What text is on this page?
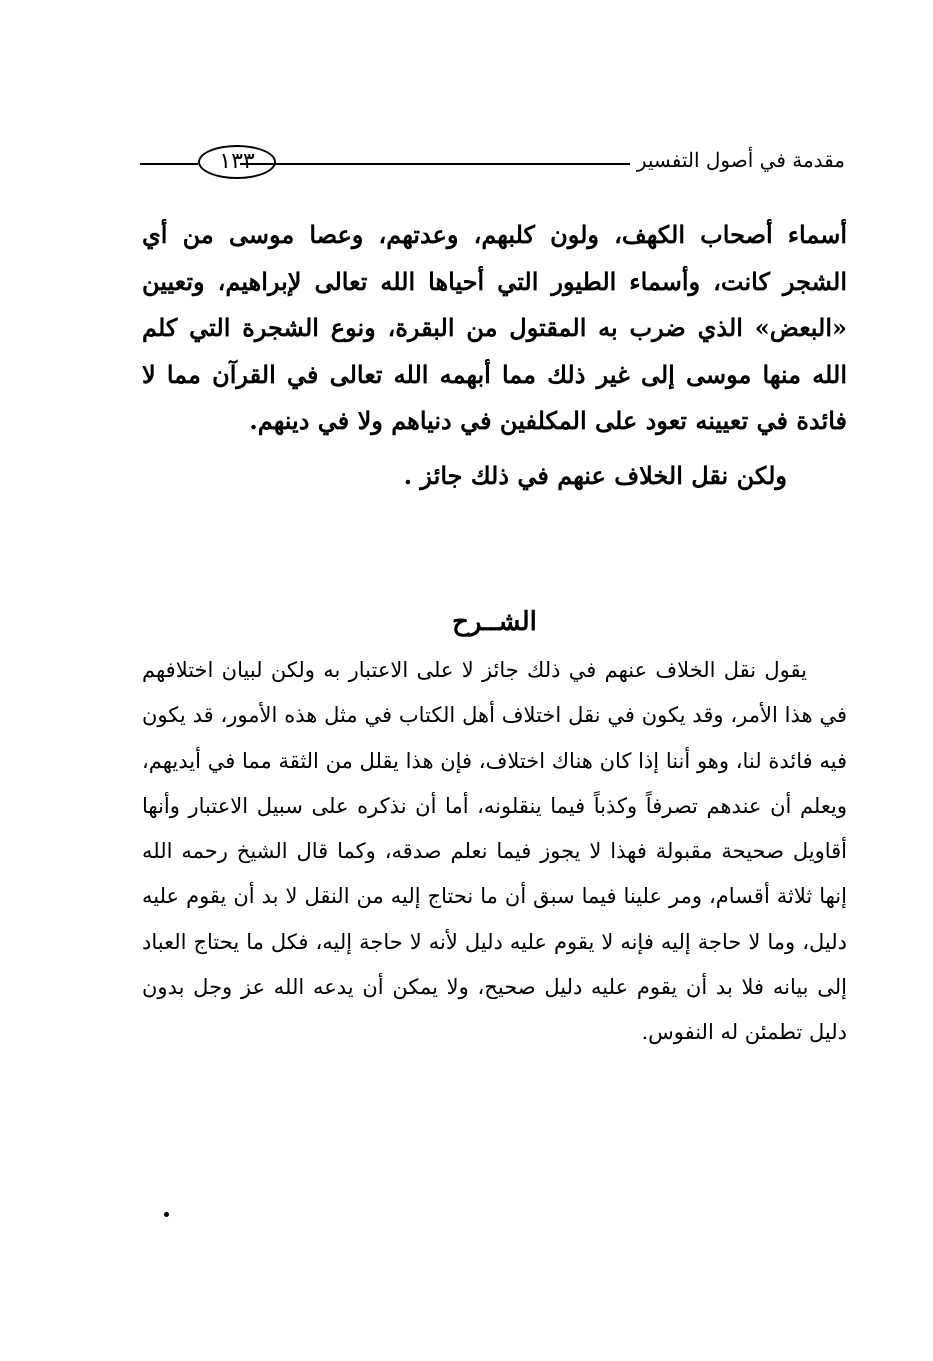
مقدمة في أصول التفسير
١٣٣

أسماء أصحاب الكهف، ولون كلبهم، وعدتهم، وعصا موسى من أي الشجر كانت، وأسماء الطيور التي أحياها الله تعالى لإبراهيم، وتعيين «البعض» الذي ضرب به المقتول من البقرة، ونوع الشجرة التي كلم الله منها موسى إلى غير ذلك مما أبهمه الله تعالى في القرآن مما لا فائدة في تعيينه تعود على المكلفين في دنياهم ولا في دينهم.

ولكن نقل الخلاف عنهم في ذلك جائز .

الشــرح

يقول نقل الخلاف عنهم في ذلك جائز لا على الاعتبار به ولكن لبيان اختلافهم في هذا الأمر، وقد يكون في نقل اختلاف أهل الكتاب في مثل هذه الأمور، قد يكون فيه فائدة لنا، وهو أننا إذا كان هناك اختلاف، فإن هذا يقلل من الثقة مما في أيديهم، ويعلم أن عندهم تصرفاً وكذباً فيما ينقلونه، أما أن نذكره على سبيل الاعتبار وأنها أقاويل صحيحة مقبولة فهذا لا يجوز فيما نعلم صدقه، وكما قال الشيخ رحمه الله إنها ثلاثة أقسام، ومر علينا فيما سبق أن ما نحتاج إليه من النقل لا بد أن يقوم عليه دليل، وما لا حاجة إليه فإنه لا يقوم عليه دليل لأنه لا حاجة إليه، فكل ما يحتاج العباد إلى بيانه فلا بد أن يقوم عليه دليل صحيح، ولا يمكن أن يدعه الله عز وجل بدون دليل تطمئن له النفوس.
